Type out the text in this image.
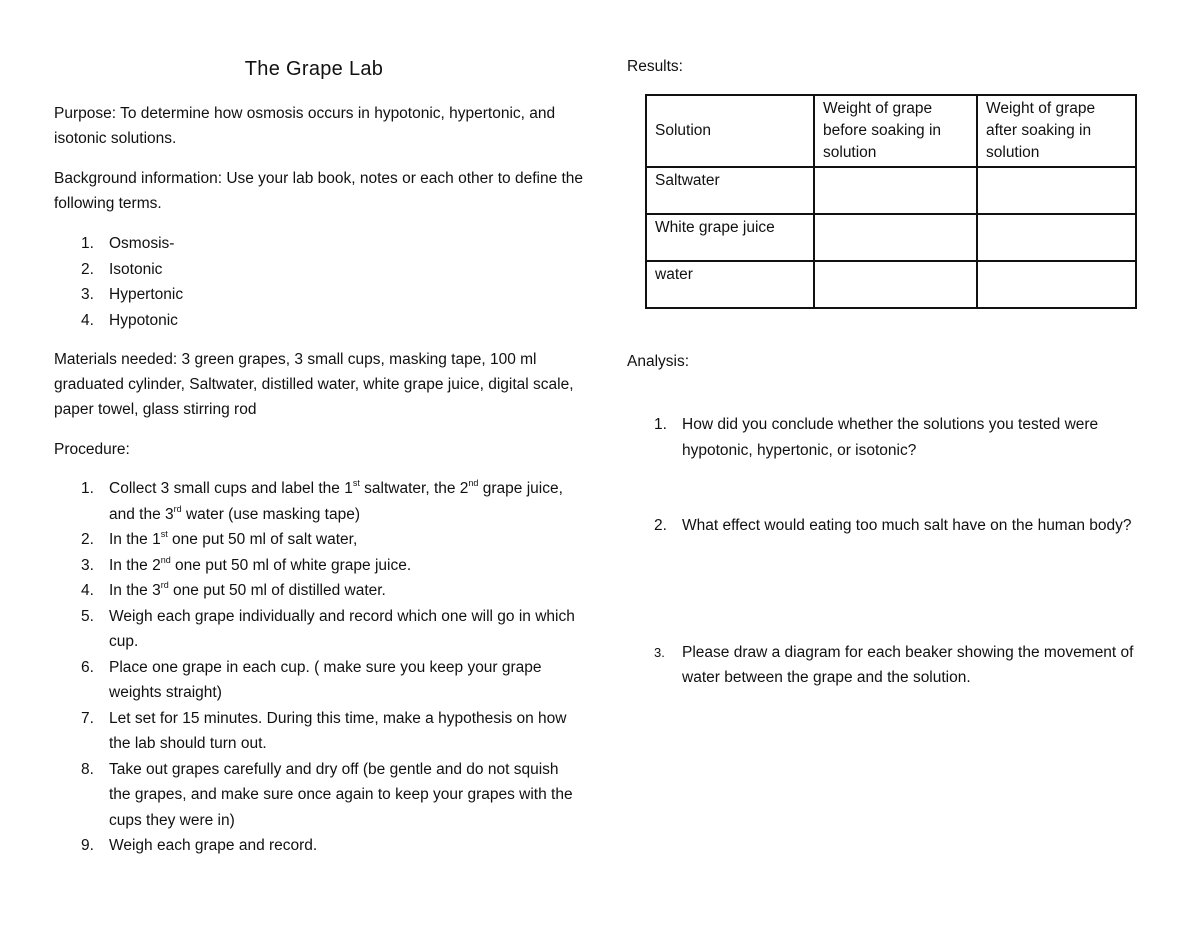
The Grape Lab

Purpose: To determine how osmosis occurs in hypotonic, hypertonic, and isotonic solutions.

Background information: Use your lab book, notes or each other to define the following terms.

1. Osmosis-
2. Isotonic
3. Hypertonic
4. Hypotonic

Materials needed: 3 green grapes, 3 small cups, masking tape, 100 ml graduated cylinder, Saltwater, distilled water, white grape juice, digital scale, paper towel, glass stirring rod

Procedure:

1. Collect 3 small cups and label the 1st saltwater, the 2nd grape juice, and the 3rd water (use masking tape)
2. In the 1st one put 50 ml of salt water,
3. In the 2nd one put 50 ml of white grape juice.
4. In the 3rd one put 50 ml of distilled water.
5. Weigh each grape individually and record which one will go in which cup.
6. Place one grape in each cup. ( make sure you keep your grape weights straight)
7. Let set for 15 minutes. During this time, make a hypothesis on how the lab should turn out.
8. Take out grapes carefully and dry off (be gentle and do not squish the grapes, and make sure once again to keep your grapes with the cups they were in)
9. Weigh each grape and record.

Results:

Solution	Weight of grape before soaking in solution	Weight of grape after soaking in solution
Saltwater		
White grape juice		
water		

Analysis:

1. How did you conclude whether the solutions you tested were hypotonic, hypertonic, or isotonic?
2. What effect would eating too much salt have on the human body?
3. Please draw a diagram for each beaker showing the movement of water between the grape and the solution.
